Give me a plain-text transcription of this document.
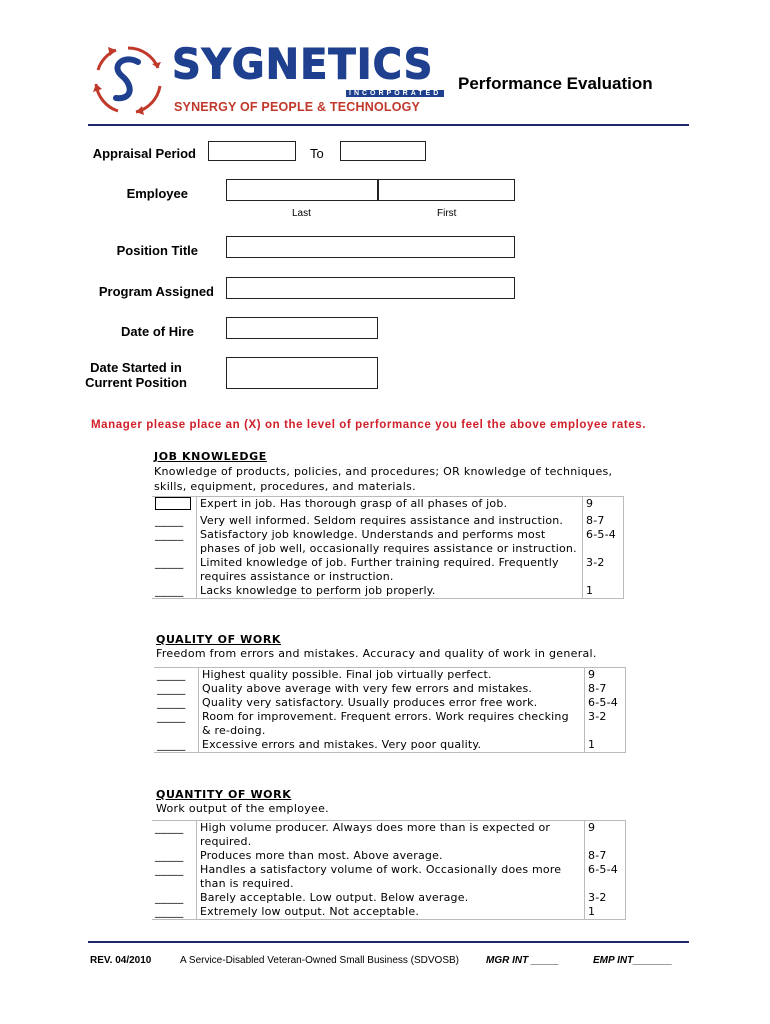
SYGNETICS
INCORPORATED
SYNERGY OF PEOPLE & TECHNOLOGY
Performance Evaluation
Appraisal Period	To
Employee
Last	First
Position Title
Program Assigned
Date of Hire
Date Started in
Current Position
Manager please place an (X) on the level of performance you feel the above employee rates.
JOB KNOWLEDGE
Knowledge of products, policies, and procedures; OR knowledge of techniques,
skills, equipment, procedures, and materials.
	Expert in job. Has thorough grasp of all phases of job.	9
_____	Very well informed. Seldom requires assistance and instruction.	8-7
_____	Satisfactory job knowledge. Understands and performs most
phases of job well, occasionally requires assistance or instruction.	6-5-4
_____	Limited knowledge of job. Further training required. Frequently
requires assistance or instruction.	3-2
_____	Lacks knowledge to perform job properly.	1
QUALITY OF WORK
Freedom from errors and mistakes. Accuracy and quality of work in general.
_____	Highest quality possible. Final job virtually perfect.	9
_____	Quality above average with very few errors and mistakes.	8-7
_____	Quality very satisfactory. Usually produces error free work.	6-5-4
_____	Room for improvement. Frequent errors. Work requires checking
& re-doing.	3-2
_____	Excessive errors and mistakes. Very poor quality.	1
QUANTITY OF WORK
Work output of the employee.
_____	High volume producer. Always does more than is expected or
required.	9
_____	Produces more than most. Above average.	8-7
_____	Handles a satisfactory volume of work. Occasionally does more
than is required.	6-5-4
_____	Barely acceptable. Low output. Below average.	3-2
_____	Extremely low output. Not acceptable.	1
REV. 04/2010	A Service-Disabled Veteran-Owned Small Business (SDVOSB)	MGR INT _____	EMP INT_______
